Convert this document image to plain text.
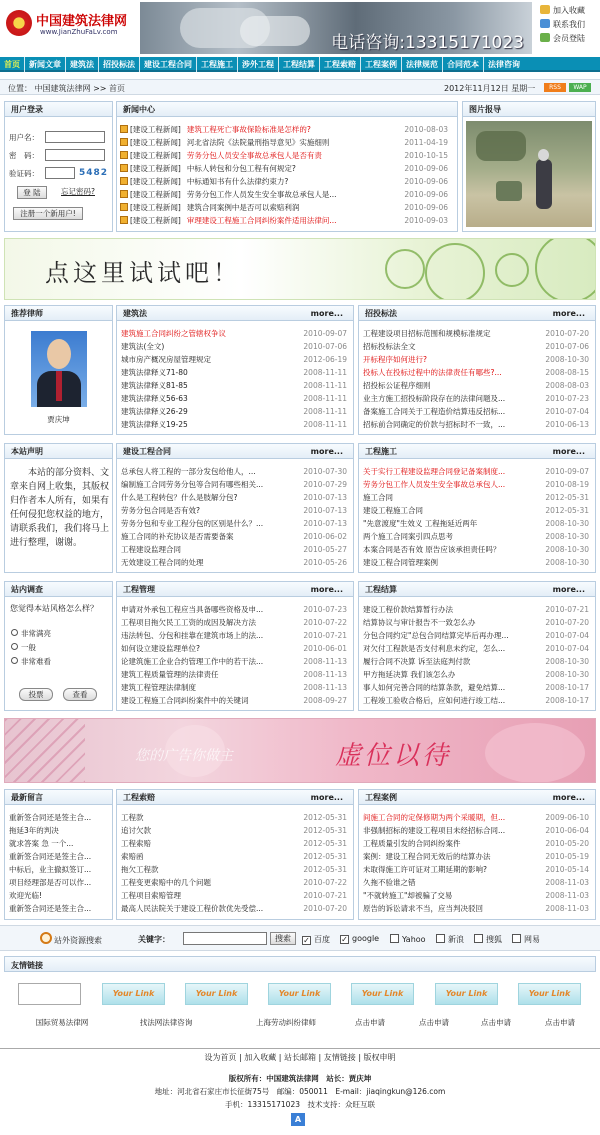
中国建筑法律网
www.JianZhuFaLv.com
电话咨询:13315171023
加入收藏
联系我们
会员登陆
首页	新闻文章	建筑法	招投标法	建设工程合同	工程施工	涉外工程	工程结算	工程索赔	工程案例	法律规范	合同范本	法律咨询
位置： 中国建筑法律网 >> 首页	2012年11月12日 星期一	RSS	WAP
用户登录
用户名：
密　码：
验证码：	5482
登 陆	忘记密码?
注册一个新用户!
新闻中心
[建设工程新闻] 建筑工程死亡事故保险标准是怎样的?	2010-08-03
[建设工程新闻] 河北省法院《法院量刑指导意见》实施细则	2011-04-19
[建设工程新闻] 劳务分包人员安全事故总承包人是否有责	2010-10-15
[建设工程新闻] 中标人转包和分包工程有何规定?	2010-09-06
[建设工程新闻] 中标通知书有什么法律约束力?	2010-09-06
[建设工程新闻] 劳务分包工作人员发生安全事故总承包人是...	2010-09-06
[建设工程新闻] 建筑合同案例中是否可以索赔利润	2010-09-06
[建设工程新闻] 审理建设工程施工合同纠纷案件适用法律问...	2010-09-03
图片报导
点这里试试吧！
推荐律师
贾庆坤
建筑法	more...
建筑施工合同纠纷之管辖权争议	2010-09-07
建筑法(全文)	2010-07-06
城市房产概况房屋管理规定	2012-06-19
建筑法律释义71-80	2008-11-11
建筑法律释义81-85	2008-11-11
建筑法律释义56-63	2008-11-11
建筑法律释义26-29	2008-11-11
建筑法律释义19-25	2008-11-11
招投标法	more...
工程建设项目招标范围和规模标准规定	2010-07-20
招标投标法全文	2010-07-06
开标程序如何进行?	2008-10-30
投标人在投标过程中的法律责任有哪些?...	2008-08-15
招投标公证程序细则	2008-08-03
业主方施工招投标阶段存在的法律问题及...	2010-07-23
备案施工合同关于工程造价结算违反招标...	2010-07-04
招标前合同确定的价款与招标时不一致，...	2010-06-13
本站声明
本站的部分资料、文章来自网上收集，其版权归作者本人所有，如果有任何侵犯您权益的地方，请联系我们，我们将马上进行整理，谢谢。
建设工程合同	more...
总承包人将工程的一部分发包给他人，...	2010-07-30
编制施工合同劳务分包等合同有哪些相关...	2010-07-29
什么是工程转包？什么是肢解分包?	2010-07-13
劳务分包合同是否有效?	2010-07-13
劳务分包和专业工程分包的区别是什么？...	2010-07-13
施工合同的补充协议是否需要备案	2010-06-02
工程建设监理合同	2010-05-27
无效建设工程合同的处理	2010-05-26
工程施工	more...
关于实行工程建设监理合同登记备案制度...	2010-09-07
劳务分包工作人员发生安全事故总承包人...	2010-08-19
施工合同	2012-05-31
建设工程施工合同	2012-05-31
"先意渡度"生效义 工程拖延近两年	2008-10-30
两个施工合同案引四点思考	2008-10-30
本案合同是否有效 原告应该承担责任吗？	2008-10-30
建设工程合同管理案例	2008-10-30
站内调查
您觉得本站风格怎么样？
非常满亮
一般
非常难看
投票	查看
工程管理	more...
申请对外承包工程应当具备哪些资格及申...	2010-07-23
工程项目拖欠民工工资的成因及解决方法	2010-07-22
违法转包、分包和挂靠在建筑市场上的法...	2010-07-21
如何设立建设监理单位?	2010-06-01
论建筑施工企业合约管理工作中的若干法...	2008-11-13
建筑工程质量管理的法律责任	2008-11-13
建筑工程管理法律制度	2008-11-13
建设工程施工合同纠纷案件中的关键词	2008-09-27
工程结算	more...
建设工程价款结算暂行办法	2010-07-21
结算协议与审计报告不一致怎么办	2010-07-20
分包合同约定"总包合同结算完毕后再办理...	2010-07-04
对欠付工程款是否支付利息未约定，怎么...	2010-07-04
履行合同不决算 诉至法庭判付款	2008-10-30
甲方拖延决算 我们该怎么办	2008-10-30
事人如何完善合同的结算条款，避免结算...	2008-10-17
工程竣工验收合格后，应如何进行竣工结...	2008-10-17
您的广告你做主	虚位以待
最新留言
重新签合同还是签主合...
拖延3年的判决
就求答案 急 一个...
重新签合同还是签主合...
中标后，业主撤拟签订...
项目经理部是否可以作...
欢迎光临!
重新签合同还是签主合...
工程索赔	more...
工程款	2012-05-31
追讨欠款	2012-05-31
工程索赔	2012-05-31
索赔函	2012-05-31
拖欠工程款	2012-05-31
工程变更索赔中的几个问题	2010-07-22
工程项目索赔管理	2010-07-21
最高人民法院关于建设工程价款优先受偿...	2010-07-20
工程案例	more...
间施工合同的定保修期为两个采暖期，但...	2009-06-10
非强制招标的建设工程项目未经招标合同...	2010-06-04
工程质量引发的合同纠纷案件	2010-05-20
案例：建设工程合同无效后的结算办法	2010-05-19
未取得施工许可证对工期延期的影响?	2010-05-14
久拖不验谁之错	2008-11-03
"不就转施工"却被骗了交易	2008-11-03
原告的诉讼请求不当，应当判决驳回	2008-11-03
站外资源搜索	关键字：	搜索	✓ 百度 ✓ google	Yahoo	新浪	搜狐	网易
友情链接
Your Link	Your Link	Your Link	Your Link	Your Link	Your Link
国际贸易法律网	找法网法律咨询	上海劳动纠纷律师	点击申请	点击申请	点击申请	点击申请
设为首页 | 加入收藏 | 站长邮箱 | 友情链接 | 版权申明
版权所有：中国建筑法律网　站长：贾庆坤
地址：河北省石家庄市长征街75号　邮编：050011　E-mail：jiaqingkun@126.com
手机：13315171023　技术支持：众旺互联
A
